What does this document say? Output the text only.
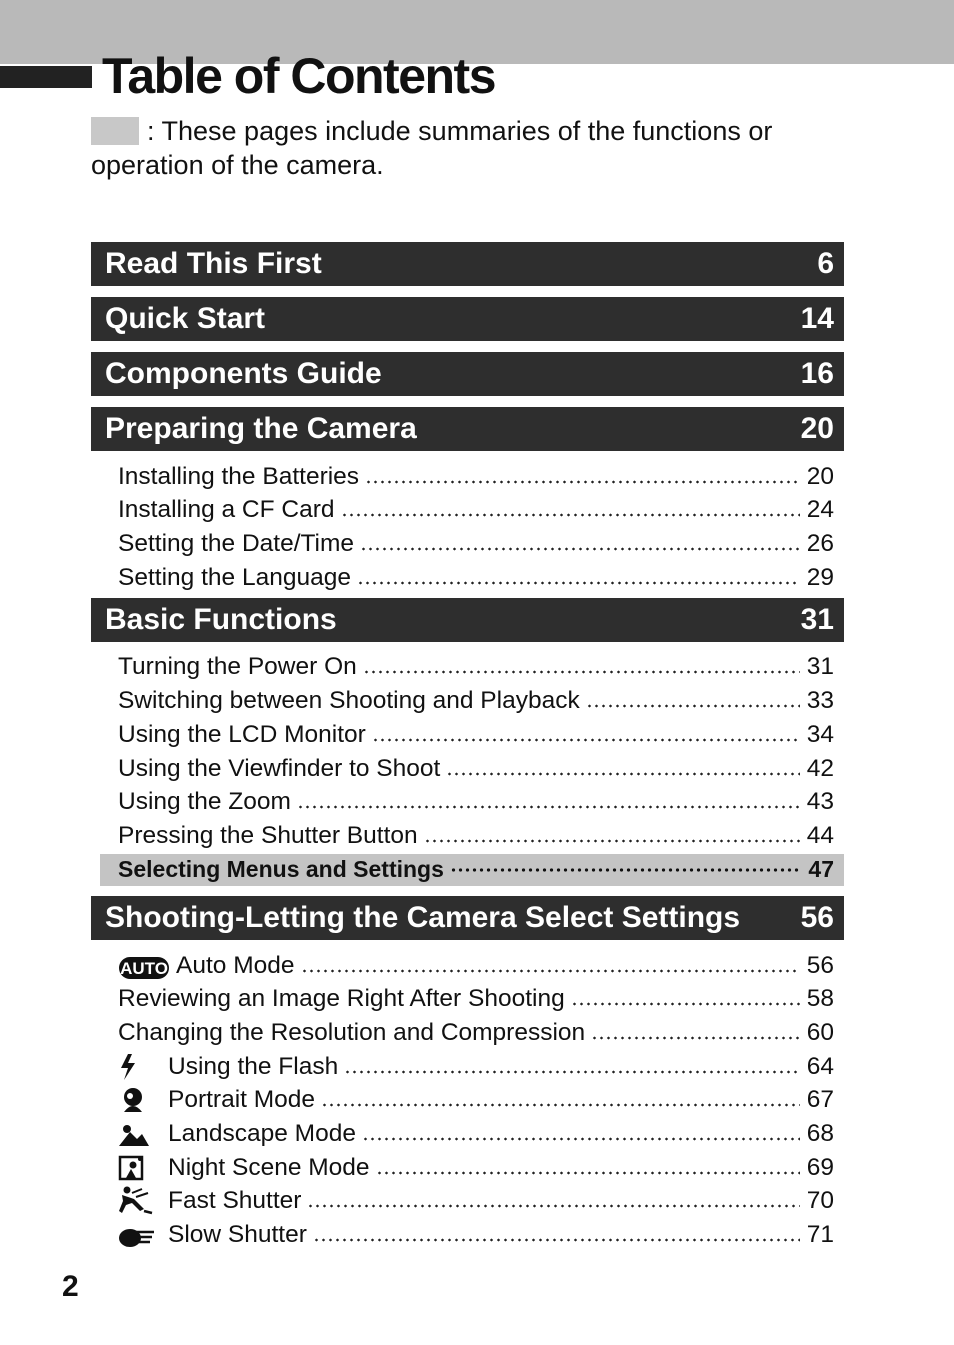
Table of Contents
: These pages include summaries of the functions or operation of the camera.
Read This First	6
Quick Start	14
Components Guide	16
Preparing the Camera	20
Installing the Batteries	20
Installing a CF Card	24
Setting the Date/Time	26
Setting the Language	29
Basic Functions	31
Turning the Power On	31
Switching between Shooting and Playback	33
Using the LCD Monitor	34
Using the Viewfinder to Shoot	42
Using the Zoom	43
Pressing the Shutter Button	44
Selecting Menus and Settings	47
Shooting-Letting the Camera Select Settings 56
AUTO Auto Mode	56
Reviewing an Image Right After Shooting	58
Changing the Resolution and Compression	60
Using the Flash	64
Portrait Mode	67
Landscape Mode	68
Night Scene Mode	69
Fast Shutter	70
Slow Shutter	71
2
